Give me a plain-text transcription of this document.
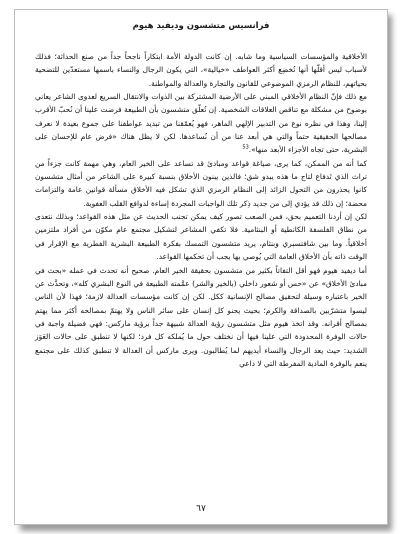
فرانسيس متشسون وديفيد هيوم

الأخلاقية والمؤسسات السياسية وما شابه. إن كانت الدولة الأمة ابتكاراً ناجحاً جداً من صنع الحداثة؛ فذلك لأسباب ليس أقلّها أنها تُخضِع أكثر العواطف «خيالية»، التي يكون الرجال والنساء باسمها مستعدّين للتضحية بحياتهم، للنظام الرمزي الموضوعي للقانون والتجارة والعدالة والمواطنة.

مع ذلك فإنّ النظام الأخلاقي المبني على الأرضية المشتركة بين الذوات والانتقال السريع لعدوى الشاعر يعاني بوضوح من مشكلة مع تناقص العلاقات الشخصية. إن تُعلّق متشسون بأن الطبيعة فرضت علينا أن نُحبّ الأقرب إلينا، وهذا في نظره نوع من التدبير الإلهي الماهر، فهو يُعمّقنا من تبديد عواطفنا على جموع بعيدة لا نعرف مصالحها الحقيقية حتماً والتي هي أبعد عنا من أن نُساعدها. لكن لا يظل هناك «فرض عام للإحسان على البشرية، حتى تجاه الأجزاء الأبعد منها».$^{53}$

كما أنه من الممكن، كما يرى، صياغة قواعد ومبادئ قد تساعد على الخير العام، وهي مهمة كانت جزءاً من تراث الذي تَدفاع لتاج ما هذه يبدو شق؛ فالذين يبنون الأخلاق بنسبة كبيرة على الشاعر من أمثال متشسون كانوا يحذرون من التحول الزائد إلى النظام الرمزي الذي تشكل فيه الأخلاق مسألة قوانين عامة والتزامات محضة؛ إن ذلك قد يؤدي إلى من جديد ذِكر تلك الواجبات المجردة إساءة لدوافع القلب العفوية.

لكن إن أردنا التعميم بحق، فمن الصعب تصور كيف يمكن تجنب الحديث عن مثل هذه القواعد؛ وبذلك نتعدى من نطاق الفلسفة الكانطية أو البنثامية. فلا تكفي المشاعر لتشكيل مجتمع عام مكوّن من أفراد ملتزمين أخلاقياً. وما بين شافتسبري وبنثام، يريد متشسون التمسك بفكرة الطبيعة البشرية الفطرية مع الإقرار في الوقت ذاته بأن الأخلاق العامة التي يُوصي بها يجب أن تحكمها القواعد.

أما ديفيد هيوم فهو أقل التفاتاً بكثير من متشسون بحقيقة الخير العام. صحيح أنه تحدث في عمله «بحث في مبادئ الأخلاق» عن «حس أو شعور داخلي (بالخير والشر) عمَّمته الطبيعة في النوع البشري كله»، وتحدَّث عن الخير باعتباره وسيلة لتحقيق مصالح الإنسانية ككل. لكن إن كانت مؤسسات العدالة لازمة؛ فهذا لأن الناس ليسوا متشرّبين بالصداقة والكرم؛ بحيث يحنو كل إنسان على سائر الناس ولا يهتمّ بمصالحه أكثر مما يهتم بمصالح أقرانه. وقد اتخذ هيوم مثل متشسون رؤية العدالة شبيهة جداً برؤية ماركس: فهي فضيلة واجبة في حالات الوفرة المحدودة التي علينا فيها أن نختلف حول ما يُملكه كل فرد؛ لكنها لا تنطبق على حالات العَوَز الشديد: حيث يعد الرجال والنساء أيديهم لما يُطالبون. ويرى ماركس أن العدالة لا تنطبق كذلك على مجتمع ينعم بالوفرة المادية المفرطة التي لا داعي

٦٧
